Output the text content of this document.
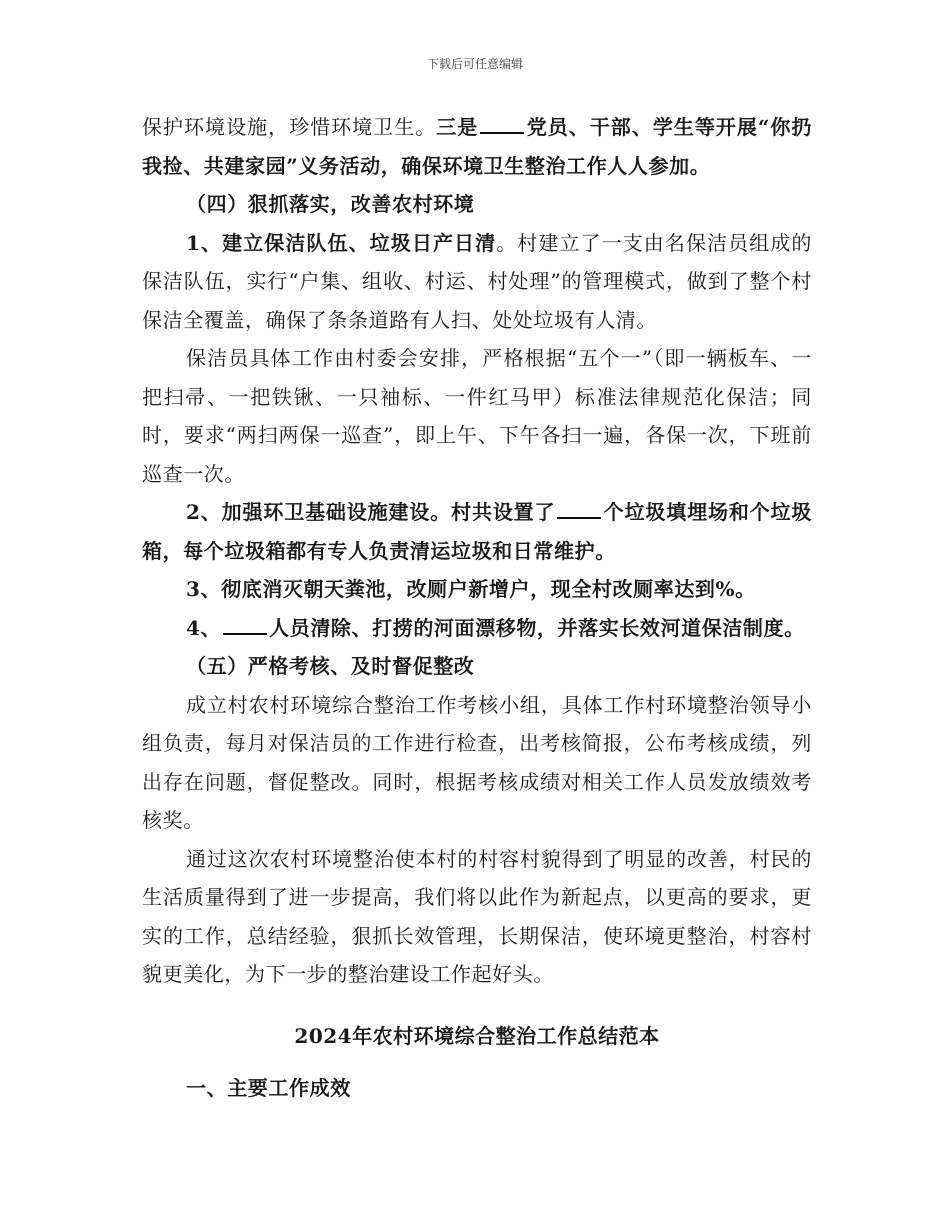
下载后可任意编辑

保护环境设施，珍惜环境卫生。三是 党员、干部、学生等开展“你扔我捡、共建家园”义务活动，确保环境卫生整治工作人人参加。

（四）狠抓落实，改善农村环境

1、建立保洁队伍、垃圾日产日清。村建立了一支由名保洁员组成的保洁队伍，实行“户集、组收、村运、村处理”的管理模式，做到了整个村保洁全覆盖，确保了条条道路有人扫、处处垃圾有人清。

保洁员具体工作由村委会安排，严格根据“五个一”（即一辆板车、一把扫帚、一把铁锹、一只袖标、一件红马甲）标准法律规范化保洁；同时，要求“两扫两保一巡查”，即上午、下午各扫一遍，各保一次，下班前巡查一次。

2、加强环卫基础设施建设。村共设置了 个垃圾填埋场和个垃圾箱，每个垃圾箱都有专人负责清运垃圾和日常维护。

3、彻底消灭朝天粪池，改厕户新增户，现全村改厕率达到%。

4、 人员清除、打捞的河面漂移物，并落实长效河道保洁制度。

（五）严格考核、及时督促整改

成立村农村环境综合整治工作考核小组，具体工作村环境整治领导小组负责，每月对保洁员的工作进行检查，出考核简报，公布考核成绩，列出存在问题，督促整改。同时，根据考核成绩对相关工作人员发放绩效考核奖。

通过这次农村环境整治使本村的村容村貌得到了明显的改善，村民的生活质量得到了进一步提高，我们将以此作为新起点，以更高的要求，更实的工作，总结经验，狠抓长效管理，长期保洁，使环境更整治，村容村貌更美化，为下一步的整治建设工作起好头。

2024年农村环境综合整治工作总结范本

一、主要工作成效
